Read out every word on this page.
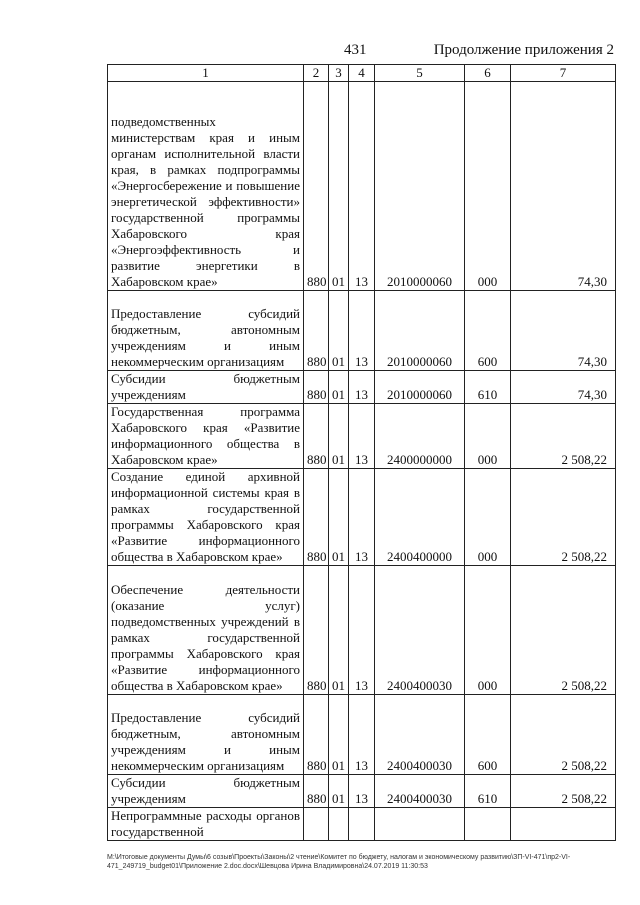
431	Продолжение приложения 2
1	2	3	4	5	6	7
подведомственных министерствам края и иным органам исполнительной власти края, в рамках подпрограммы «Энергосбережение и повышение энергетической эффективности» государственной программы Хабаровского края «Энергоэффективность и развитие энергетики в Хабаровском крае»	880	01	13	2010000060	000	74,30
Предоставление субсидий бюджетным, автономным учреждениям и иным некоммерческим организациям	880	01	13	2010000060	600	74,30
Субсидии бюджетным учреждениям	880	01	13	2010000060	610	74,30
Государственная программа Хабаровского края «Развитие информационного общества в Хабаровском крае»	880	01	13	2400000000	000	2 508,22
Создание единой архивной информационной системы края в рамках государственной программы Хабаровского края «Развитие информационного общества в Хабаровском крае»	880	01	13	2400400000	000	2 508,22
Обеспечение деятельности (оказание услуг) подведомственных учреждений в рамках государственной программы Хабаровского края «Развитие информационного общества в Хабаровском крае»	880	01	13	2400400030	000	2 508,22
Предоставление субсидий бюджетным, автономным учреждениям и иным некоммерческим организациям	880	01	13	2400400030	600	2 508,22
Субсидии бюджетным учреждениям	880	01	13	2400400030	610	2 508,22
Непрограммные расходы органов государственной						
М:\Итоговые документы Думы\6 созыв\Проекты\Законы\2 чтение\Комитет по бюджету, налогам и экономическому развитию\ЗП-VI-471\пр2-VI-471_249719_budget01\Приложение 2.doc.docx\Шевцова Ирина Владимировна\24.07.2019 11:30:53
